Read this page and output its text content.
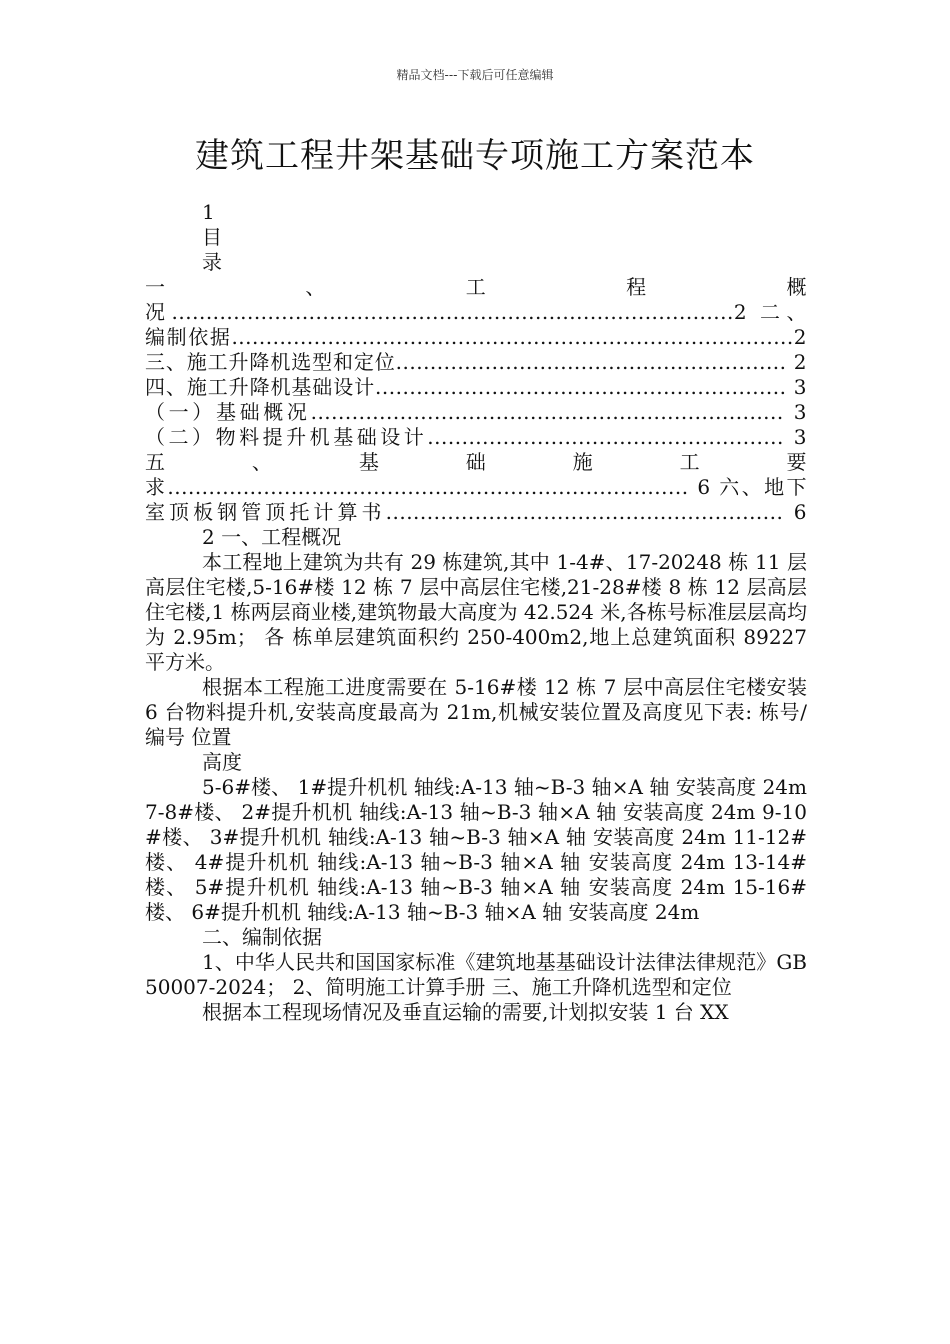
精品文档---下载后可任意编辑
建筑工程井架基础专项施工方案范本

1

目

录

一、工程概况..................................................................................2 二、编制依据..................................................................................2 三、施工升降机选型和定位......................................................... 2 四、施工升降机基础设计............................................................ 3 （一）基础概况..................................................................... 3 （二）物料提升机基础设计.................................................... 3 五、基础施工要求............................................................................ 6 六、地下室顶板钢管顶托计算书.......................................................... 6

2 一、工程概况

本工程地上建筑为共有 29 栋建筑,其中 1-4#、17-20248 栋 11 层高层住宅楼,5-16#楼 12 栋 7 层中高层住宅楼,21-28#楼 8 栋 12 层高层住宅楼,1 栋两层商业楼,建筑物最大高度为 42.524 米,各栋号标准层层高均为 2.95m； 各 栋单层建筑面积约 250-400m2,地上总建筑面积 89227 平方米。

根据本工程施工进度需要在 5-16#楼 12 栋 7 层中高层住宅楼安装 6 台物料提升机,安装高度最高为 21m,机械安装位置及高度见下表: 栋号/编号 位置

高度

5-6#楼、 1#提升机机 轴线:A-13 轴~B-3 轴×A 轴 安装高度 24m 7-8#楼、 2#提升机机 轴线:A-13 轴~B-3 轴×A 轴 安装高度 24m 9-10#楼、 3#提升机机 轴线:A-13 轴~B-3 轴×A 轴 安装高度 24m 11-12#楼、 4#提升机机 轴线:A-13 轴~B-3 轴×A 轴 安装高度 24m 13-14#楼、 5#提升机机 轴线:A-13 轴~B-3 轴×A 轴 安装高度 24m 15-16#楼、 6#提升机机 轴线:A-13 轴~B-3 轴×A 轴 安装高度 24m

二、编制依据

1、中华人民共和国国家标准《建筑地基基础设计法律法律规范》GB50007-2024； 2、简明施工计算手册 三、施工升降机选型和定位

根据本工程现场情况及垂直运输的需要,计划拟安装 1 台 XX
